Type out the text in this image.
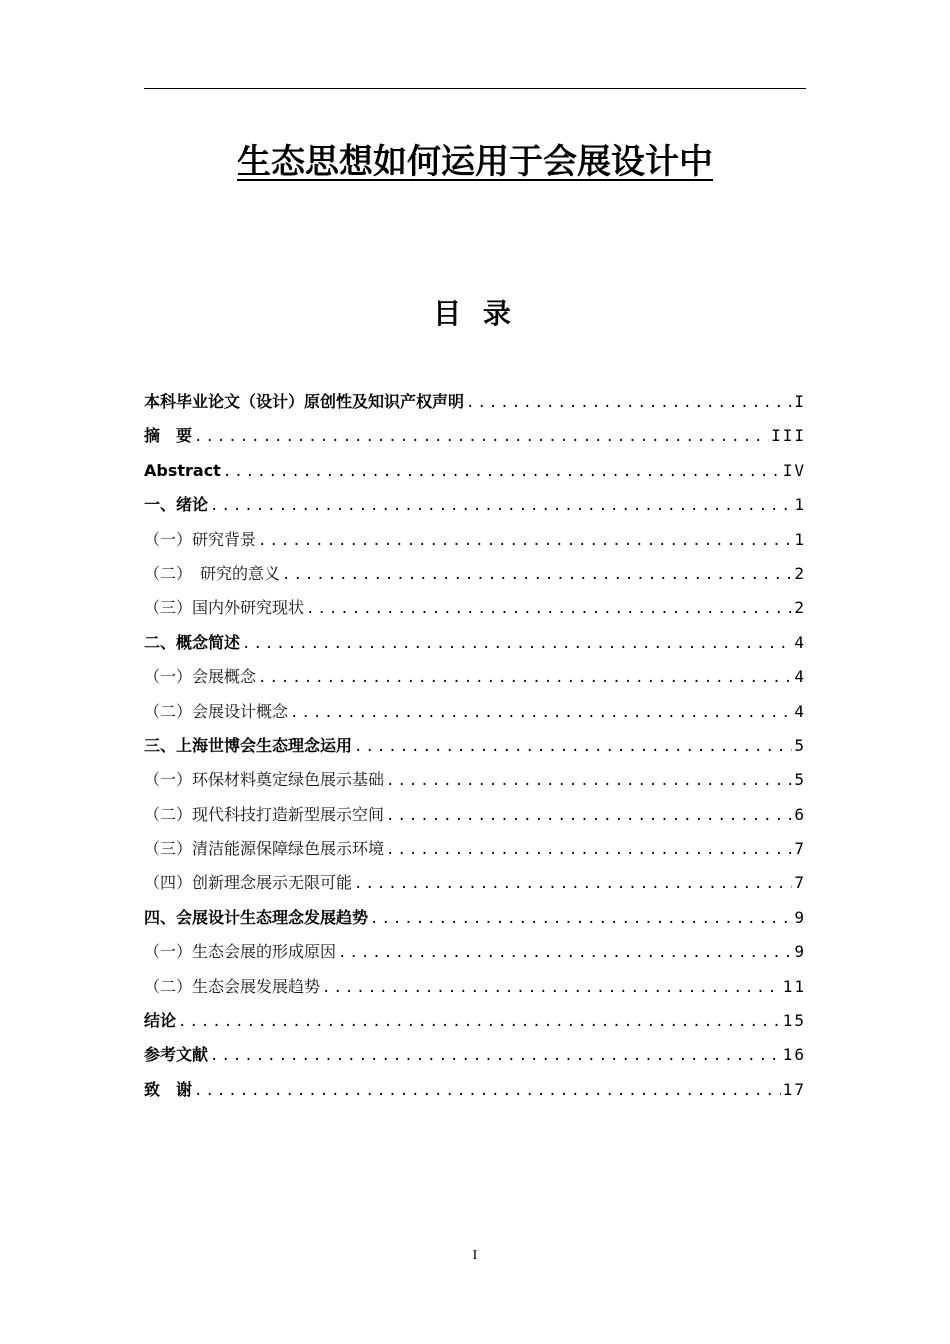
生态思想如何运用于会展设计中
目 录
本科毕业论文（设计）原创性及知识产权声明 .....	I
摘　要 .....	III
Abstract .....	IV
一、绪论 .....	1
（一）研究背景 .....	1
（二）　研究的意义 .....	2
（三）国内外研究现状 .....	2
二、概念简述 .....	4
（一）会展概念 .....	4
（二）会展设计概念 .....	4
三、上海世博会生态理念运用 .....	5
（一）环保材料奠定绿色展示基础 .....	5
（二）现代科技打造新型展示空间 .....	6
（三）清洁能源保障绿色展示环境 .....	7
（四）创新理念展示无限可能 .....	7
四、会展设计生态理念发展趋势 .....	9
（一）生态会展的形成原因 .....	9
（二）生态会展发展趋势 .....	11
结论 .....	15
参考文献 .....	16
致　谢 .....	17
I
